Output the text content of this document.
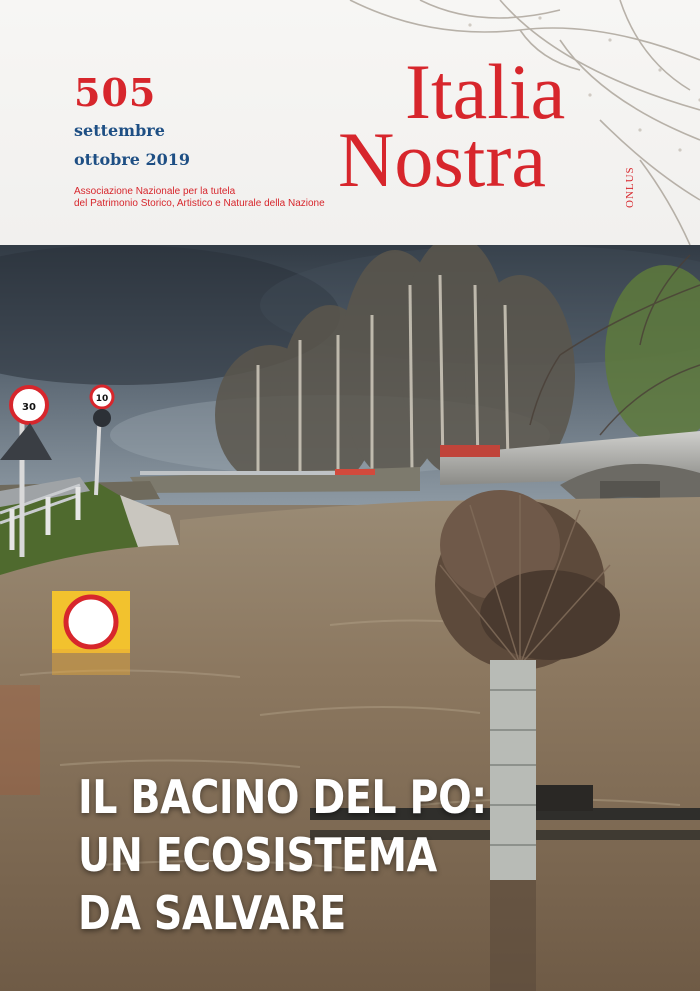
30
10
505
settembre
ottobre 2019
Associazione Nazionale per la tutela
del Patrimonio Storico, Artistico e Naturale della Nazione
Italia
Nostra	ONLUS
IL BACINO DEL PO:
UN ECOSISTEMA
DA SALVARE
